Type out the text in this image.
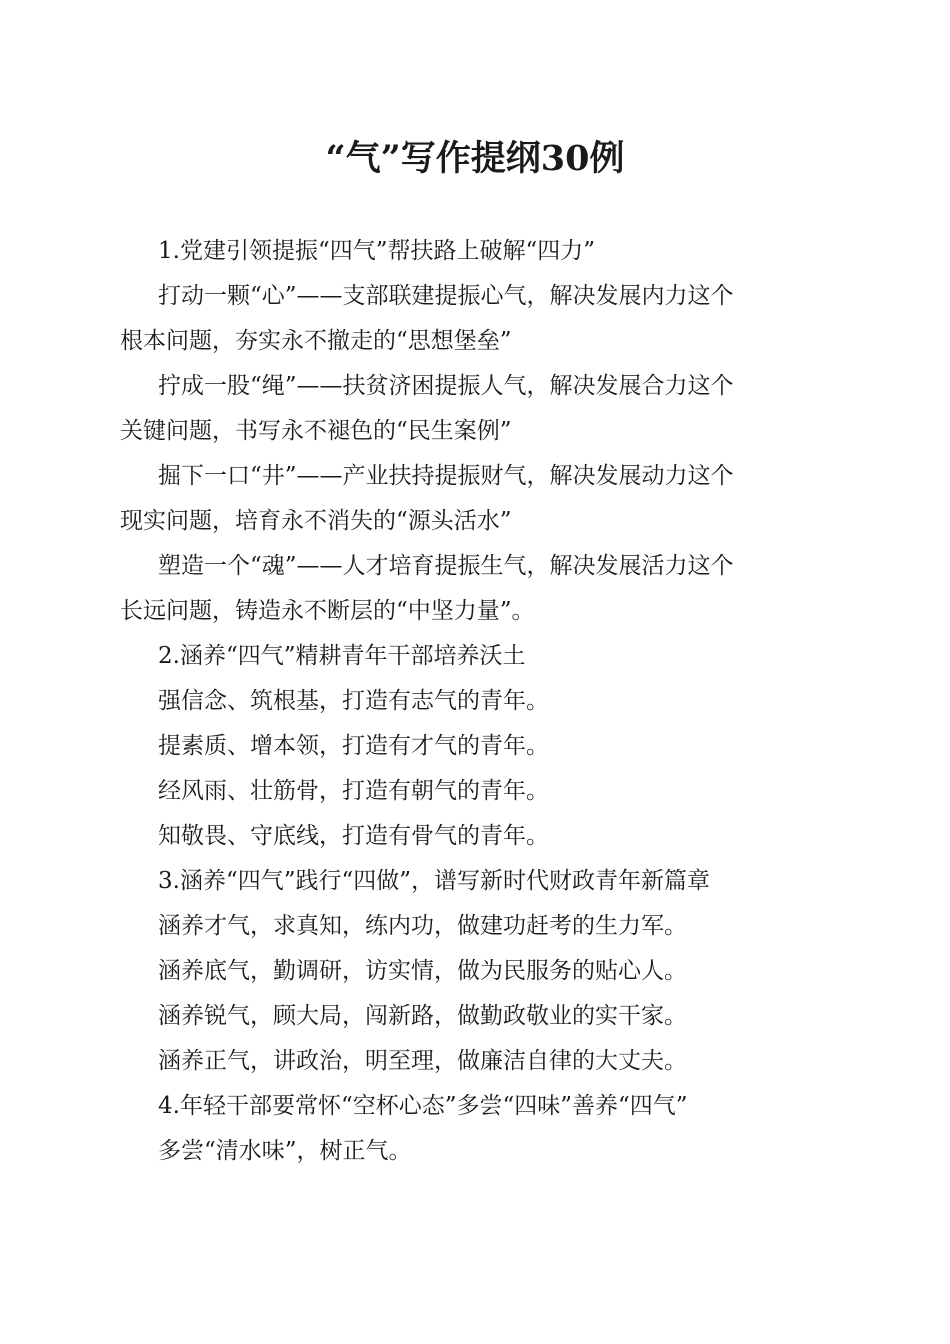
“气”写作提纲30例

1.党建引领提振“四气”帮扶路上破解“四力”

打动一颗“心”——支部联建提振心气，解决发展内力这个
根本问题，夯实永不撤走的“思想堡垒”
拧成一股“绳”——扶贫济困提振人气，解决发展合力这个
关键问题，书写永不褪色的“民生案例”
掘下一口“井”——产业扶持提振财气，解决发展动力这个
现实问题，培育永不消失的“源头活水”
塑造一个“魂”——人才培育提振生气，解决发展活力这个
长远问题，铸造永不断层的“中坚力量”。

2.涵养“四气”精耕青年干部培养沃土

强信念、筑根基，打造有志气的青年。

提素质、增本领，打造有才气的青年。

经风雨、壮筋骨，打造有朝气的青年。

知敬畏、守底线，打造有骨气的青年。

3.涵养“四气”践行“四做”，谱写新时代财政青年新篇章

涵养才气，求真知，练内功，做建功赶考的生力军。

涵养底气，勤调研，访实情，做为民服务的贴心人。

涵养锐气，顾大局，闯新路，做勤政敬业的实干家。

涵养正气，讲政治，明至理，做廉洁自律的大丈夫。

4.年轻干部要常怀“空杯心态”多尝“四味”善养“四气”

多尝“清水味”，树正气。
